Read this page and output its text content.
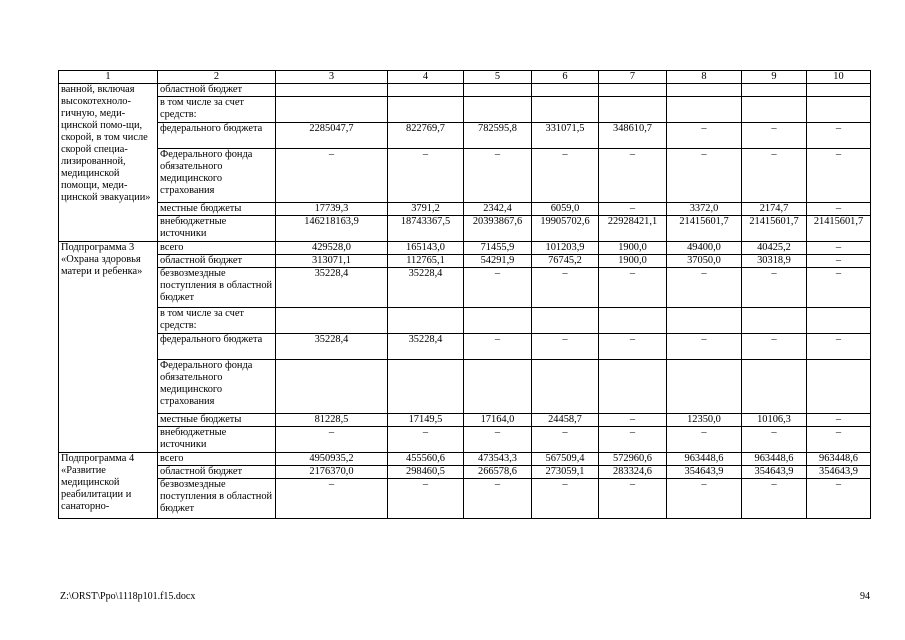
1	2	3	4	5	6	7	8	9	10
ванной, включая высокотехноло-гичную, меди-цинской помо-щи, скорой, в том числе скорой специа-лизированной, медицинской помощи, меди-цинской эвакуации»	областной бюджет								
	в том числе за счет средств:								
	федерального бюджета	2285047,7	822769,7	782595,8	331071,5	348610,7	–	–	–
	Федерального фонда обязательного медицинского страхования	–	–	–	–	–	–	–	–
	местные бюджеты	17739,3	3791,2	2342,4	6059,0	–	3372,0	2174,7	–
	внебюджетные источники	146218163,9	18743367,5	20393867,6	19905702,6	22928421,1	21415601,7	21415601,7	21415601,7
Подпрограмма 3 «Охрана здоровья матери и ребенка»	всего	429528,0	165143,0	71455,9	101203,9	1900,0	49400,0	40425,2	–
	областной бюджет	313071,1	112765,1	54291,9	76745,2	1900,0	37050,0	30318,9	–
	безвозмездные поступления в областной бюджет	35228,4	35228,4	–	–	–	–	–	–
	в том числе за счет средств:								
	федерального бюджета	35228,4	35228,4	–	–	–	–	–	–
	Федерального фонда обязательного медицинского страхования								
	местные бюджеты	81228,5	17149,5	17164,0	24458,7	–	12350,0	10106,3	–
	внебюджетные источники	–	–	–	–	–	–	–	–
Подпрограмма 4 «Развитие медицинской реабилитации и санаторно-	всего	4950935,2	455560,6	473543,3	567509,4	572960,6	963448,6	963448,6	963448,6
	областной бюджет	2176370,0	298460,5	266578,6	273059,1	283324,6	354643,9	354643,9	354643,9
	безвозмездные поступления в областной бюджет	–	–	–	–	–	–	–	–
Z:\ORST\Ppo\1118p101.f15.docx	94
